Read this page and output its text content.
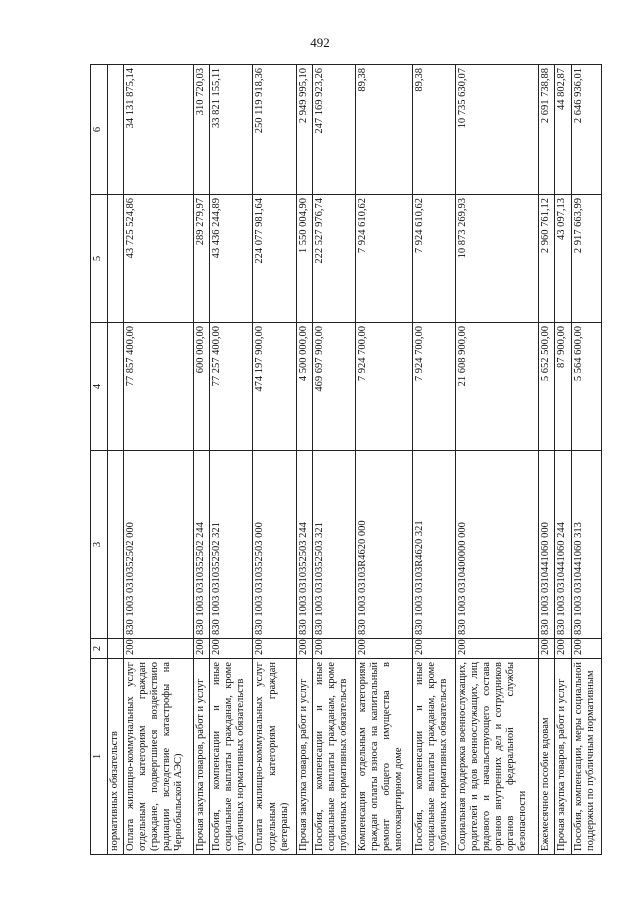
492
1	2	3	4	5	6
нормативных обязательств					
Оплата жилищно-коммунальных услуг отдельным категориям граждан (граждане, подвергшиеся воздействию радиации вследствие катастрофы на Чернобыльской АЭС)	200	830 1003 0310352502 000	77 857 400,00	43 725 524,86	34 131 875,14
Прочая закупка товаров, работ и услуг	200	830 1003 0310352502 244	600 000,00	289 279,97	310 720,03
Пособия, компенсации и иные социальные выплаты гражданам, кроме публичных нормативных обязательств	200	830 1003 0310352502 321	77 257 400,00	43 436 244,89	33 821 155,11
Оплата жилищно-коммунальных услуг отдельным категориям граждан (ветераны)	200	830 1003 0310352503 000	474 197 900,00	224 077 981,64	250 119 918,36
Прочая закупка товаров, работ и услуг	200	830 1003 0310352503 244	4 500 000,00	1 550 004,90	2 949 995,10
Пособия, компенсации и иные социальные выплаты гражданам, кроме публичных нормативных обязательств	200	830 1003 0310352503 321	469 697 900,00	222 527 976,74	247 169 923,26
Компенсация отдельным категориям граждан оплаты взноса на капитальный ремонт общего имущества в многоквартирном доме	200	830 1003 03103R4620 000	7 924 700,00	7 924 610,62	89,38
Пособия, компенсации и иные социальные выплаты гражданам, кроме публичных нормативных обязательств	200	830 1003 03103R4620 321	7 924 700,00	7 924 610,62	89,38
Социальная поддержка военнослужащих, родителей и вдов военнослужащих, лиц рядового и начальствующего состава органов внутренних дел и сотрудников органов федеральной службы безопасности	200	830 1003 0310400000 000	21 608 900,00	10 873 269,93	10 735 630,07
Ежемесячное пособие вдовам	200	830 1003 0310441060 000	5 652 500,00	2 960 761,12	2 691 738,88
Прочая закупка товаров, работ и услуг	200	830 1003 0310441060 244	87 900,00	43 097,13	44 802,87
Пособия, компенсации, меры социальной поддержки по публичным нормативным	200	830 1003 0310441060 313	5 564 600,00	2 917 663,99	2 646 936,01
